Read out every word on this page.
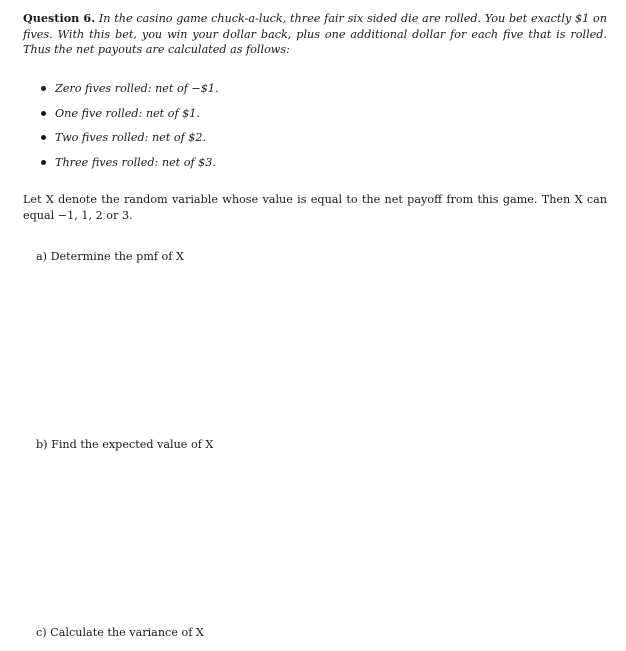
Question 6. In the casino game chuck-a-luck, three fair six sided die are rolled. You bet exactly $1 on fives. With this bet, you win your dollar back, plus one additional dollar for each five that is rolled. Thus the net payouts are calculated as follows:

Zero fives rolled: net of −$1.
One five rolled: net of $1.
Two fives rolled: net of $2.
Three fives rolled: net of $3.

Let X denote the random variable whose value is equal to the net payoff from this game. Then X can equal −1, 1, 2 or 3.

a) Determine the pmf of X
b) Find the expected value of X
c) Calculate the variance of X
